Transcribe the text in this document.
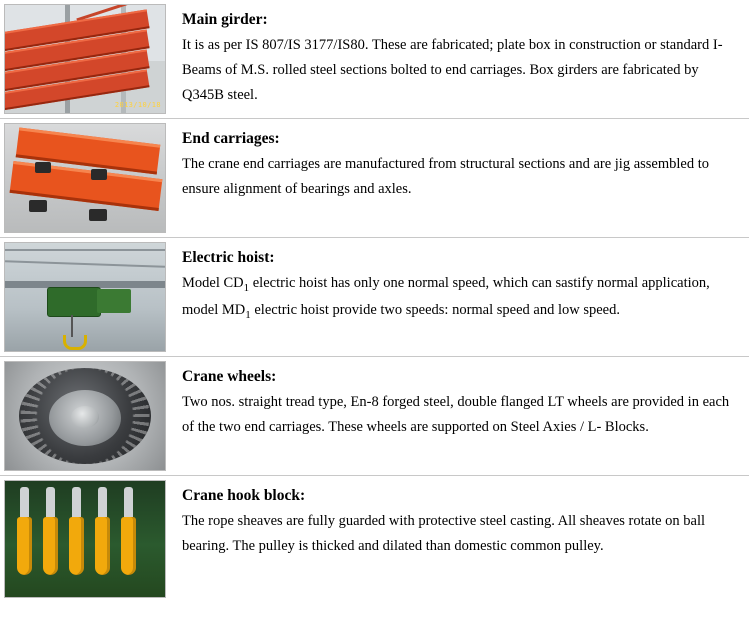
2013/10/18	Main girder:

It is as per IS 807/IS 3177/IS80. These are fabricated; plate box in construction or standard I-Beams of M.S. rolled steel sections bolted to end carriages. Box girders are fabricated by Q345B steel.

	End carriages:

The crane end carriages are manufactured from structural sections and are jig assembled to ensure alignment of bearings and axles.

	Electric hoist:

Model $CD_1$ electric hoist has only one normal speed, which can sastify normal application, model $MD_1$ electric hoist provide two speeds: normal speed and low speed.

	Crane wheels:

Two nos. straight tread type, En-8 forged steel, double flanged LT wheels are provided in each of the two end carriages. These wheels are supported on Steel Axies / L- Blocks.

	Crane hook block:

The rope sheaves are fully guarded with protective steel casting. All sheaves rotate on ball bearing. The pulley is thicked and dilated than domestic common pulley.
